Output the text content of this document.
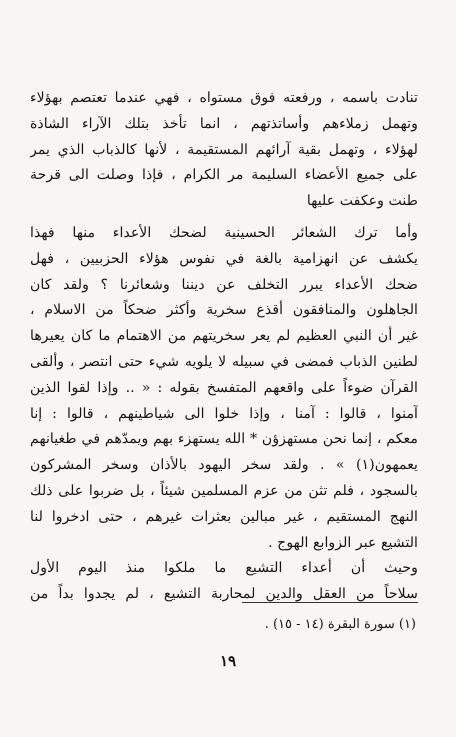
تنادت باسمه ، ورفعته فوق مستواه ، فهي عندما تعتصم بهؤلاء
وتهمل زملاءهم وأساتذتهم ، انما تأخذ بتلك الآراء الشاذة
لهؤلاء ، وتهمل بقية آرائهم المستقيمة ، لأنها كالذباب الذي يمر
على جميع الأعضاء السليمة مر الكرام ، فإذا وصلت الى قرحة
طنت وعكفت عليها
وأما ترك الشعائر الحسينية لضحك الأعداء منها فهذا
يكشف عن انهزامية بالغة في نفوس هؤلاء الحزبيين ، فهل
ضحك الأعداء يبرر التخلف عن ديننا وشعائرنا ؟ ولقد كان
الجاهلون والمنافقون أقذع سخرية وأكثر ضحكاً من الاسلام ،
غير أن النبي العظيم لم يعر سخريتهم من الاهتمام ما كان يعيرها
لطنين الذباب فمضى في سبيله لا يلويه شيء حتى انتصر ، وألقى
القرآن ضوءاً على واقعهم المتفسخ بقوله : « .. وإذا لقوا الذين
آمنوا ، قالوا : آمنا ، وإذا خلوا الى شياطينهم ، قالوا : إنا
معكم ، إنما نحن مستهزؤن * الله يستهزء بهم ويمدّهم في طغيانهم
يعمهون(١) » . ولقد سخر اليهود بالأذان وسخر المشركون
بالسجود ، فلم تثن من عزم المسلمين شيئاً ، بل ضربوا على ذلك
النهج المستقيم ، غير مبالين بعثرات غيرهم ، حتى ادخروا لنا
التشيع عبر الزوابع الهوج .
وحيث أن أعداء التشيع ما ملكوا منذ اليوم الأول
سلاحاً من العقل والدين لمحاربة التشيع ، لم يجدوا بداً من
(١) سورة البقرة (١٤ - ١٥) .
١٩
